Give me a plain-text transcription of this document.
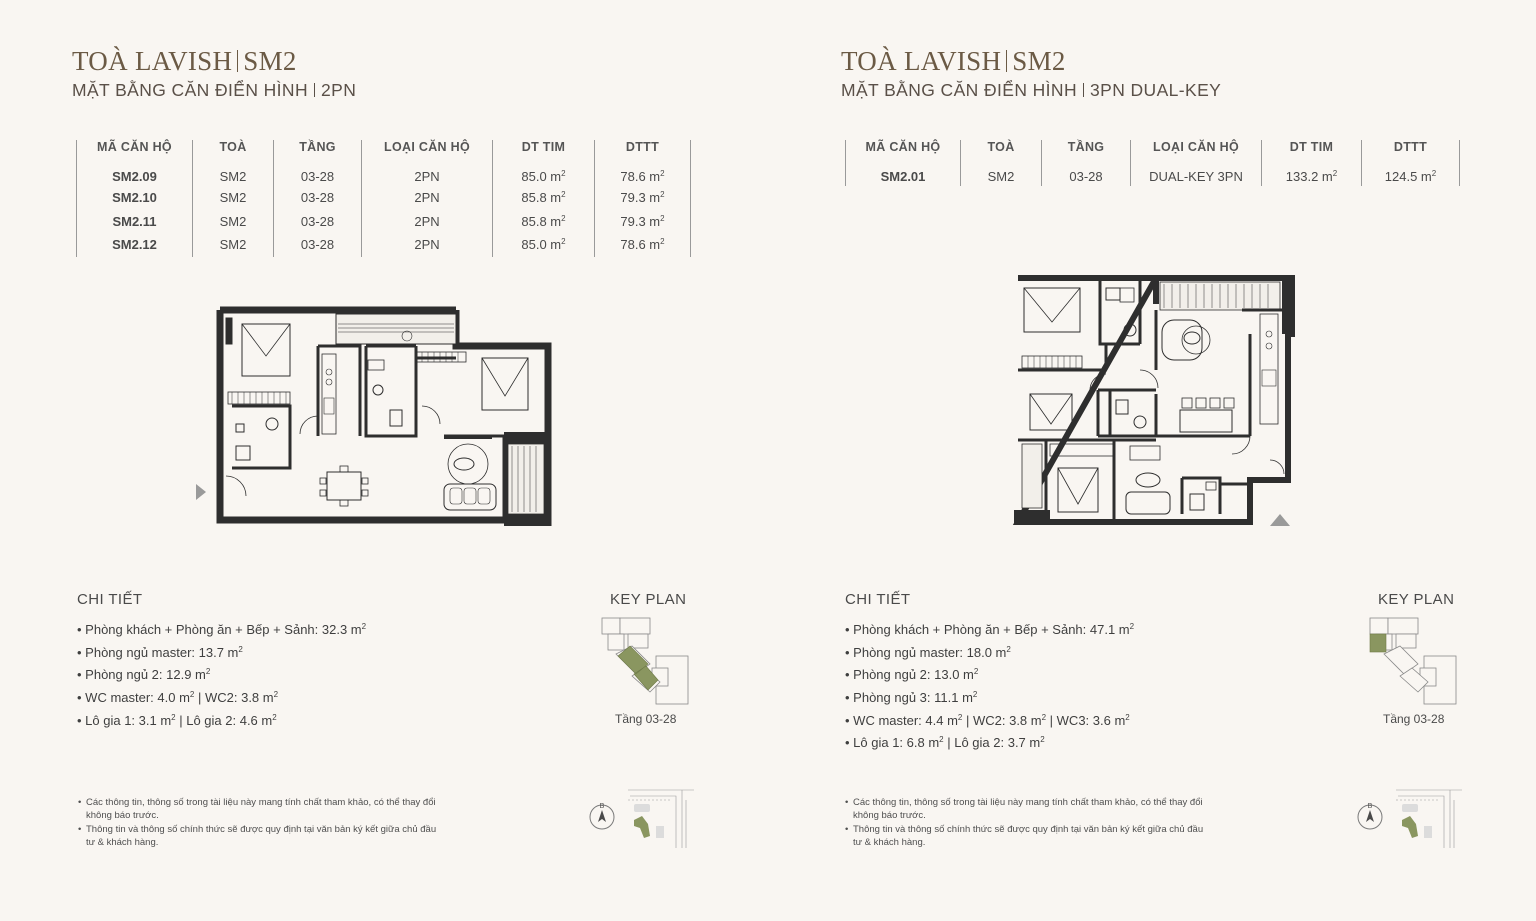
TOÀ LAVISH SM2
MẶT BẰNG CĂN ĐIỂN HÌNH 2PN
MÃ CĂN HỘ	TOÀ	TẦNG	LOẠI CĂN HỘ	DT TIM	DTTT
SM2.09	SM2	03-28	2PN	85.0 $m^2$	78.6 $m^2$
SM2.10	SM2	03-28	2PN	85.8 $m^2$	79.3 $m^2$
SM2.11	SM2	03-28	2PN	85.8 $m^2$	79.3 $m^2$
SM2.12	SM2	03-28	2PN	85.0 $m^2$	78.6 $m^2$
CHI TIẾT
• Phòng khách + Phòng ăn + Bếp + Sảnh: 32.3 $m^2$
• Phòng ngủ master: 13.7 $m^2$
• Phòng ngủ 2: 12.9 $m^2$
• WC master: 4.0 $m^2$ | WC2: 3.8 $m^2$
• Lô gia 1: 3.1 $m^2$ | Lô gia 2: 4.6 $m^2$
KEY PLAN
Tầng 03-28
• Các thông tin, thông số trong tài liệu này mang tính chất tham khảo, có thể thay đổi không báo trước.
• Thông tin và thông số chính thức sẽ được quy định tại văn bản ký kết giữa chủ đầu tư & khách hàng.
B
TOÀ LAVISH SM2
MẶT BẰNG CĂN ĐIỂN HÌNH 3PN DUAL-KEY
MÃ CĂN HỘ	TOÀ	TẦNG	LOẠI CĂN HỘ	DT TIM	DTTT
SM2.01	SM2	03-28	DUAL-KEY 3PN	133.2 $m^2$	124.5 $m^2$
CHI TIẾT
• Phòng khách + Phòng ăn + Bếp + Sảnh: 47.1 $m^2$
• Phòng ngủ master: 18.0 $m^2$
• Phòng ngủ 2: 13.0 $m^2$
• Phòng ngủ 3: 11.1 $m^2$
• WC master: 4.4 $m^2$ | WC2: 3.8 $m^2$ | WC3: 3.6 $m^2$
• Lô gia 1: 6.8 $m^2$ | Lô gia 2: 3.7 $m^2$
KEY PLAN
Tầng 03-28
• Các thông tin, thông số trong tài liệu này mang tính chất tham khảo, có thể thay đổi không báo trước.
• Thông tin và thông số chính thức sẽ được quy định tại văn bản ký kết giữa chủ đầu tư & khách hàng.
B
